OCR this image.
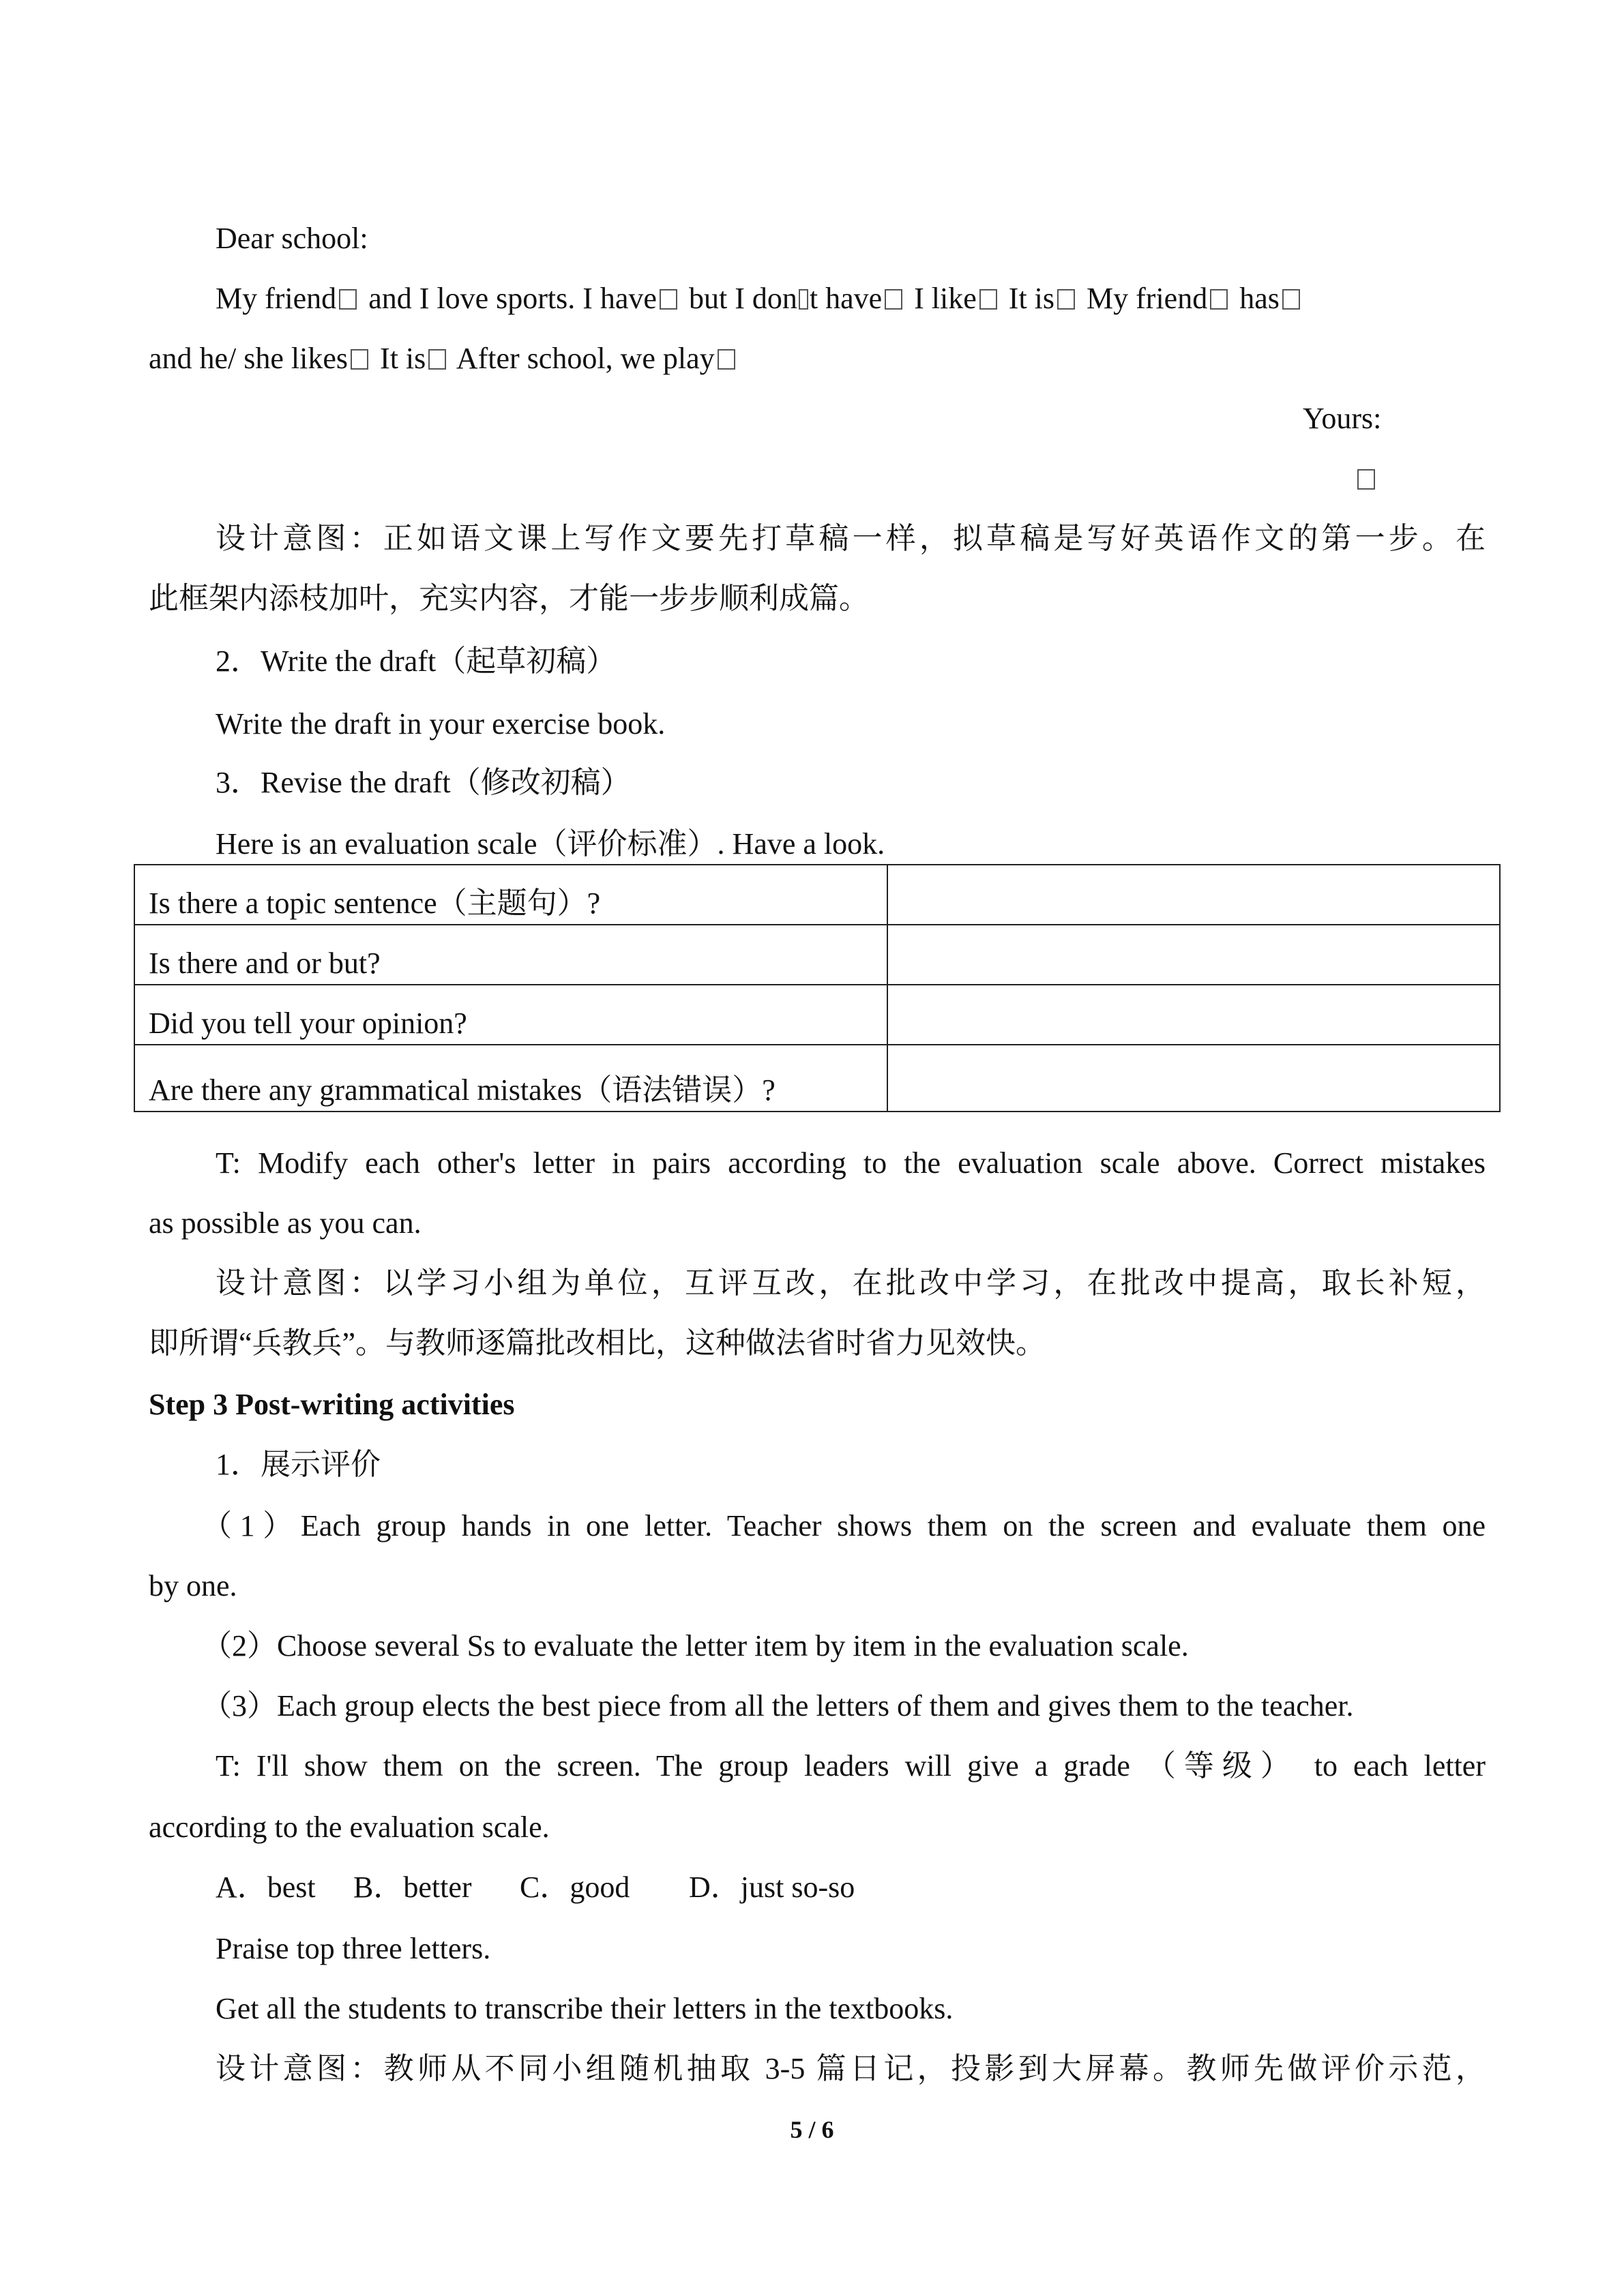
Dear school:
My friend and I love sports. I have but I don t have I like It is My friend has
and he/ she likes It is After school, we play
Yours:
设计意图：正如语文课上写作文要先打草稿一样，拟草稿是写好英语作文的第一步。在
此框架内添枝加叶，充实内容，才能一步步顺利成篇。
2．Write the draft（起草初稿）
Write the draft in your exercise book.
3．Revise the draft（修改初稿）
Here is an evaluation scale（评价标准）. Have a look.
Is there a topic sentence（主题句）?	
Is there and or but?	
Did you tell your opinion?	
Are there any grammatical mistakes（语法错误）?	
T: Modify each other's letter in pairs according to the evaluation scale above. Correct mistakes
as possible as you can.
设计意图：以学习小组为单位，互评互改，在批改中学习，在批改中提高，取长补短，
即所谓“兵教兵”。与教师逐篇批改相比，这种做法省时省力见效快。
Step 3 Post-writing activities
1．展示评价
（1）Each group hands in one letter. Teacher shows them on the screen and evaluate them one
by one.
（2）Choose several Ss to evaluate the letter item by item in the evaluation scale.
（3）Each group elects the best piece from all the letters of them and gives them to the teacher.
T: I'll show them on the screen. The group leaders will give a grade （等级） to each letter
according to the evaluation scale.
A．best B．better C．good D．just so-so
Praise top three letters.
Get all the students to transcribe their letters in the textbooks.
设计意图：教师从不同小组随机抽取 3-5 篇日记，投影到大屏幕。教师先做评价示范，
5 / 6
